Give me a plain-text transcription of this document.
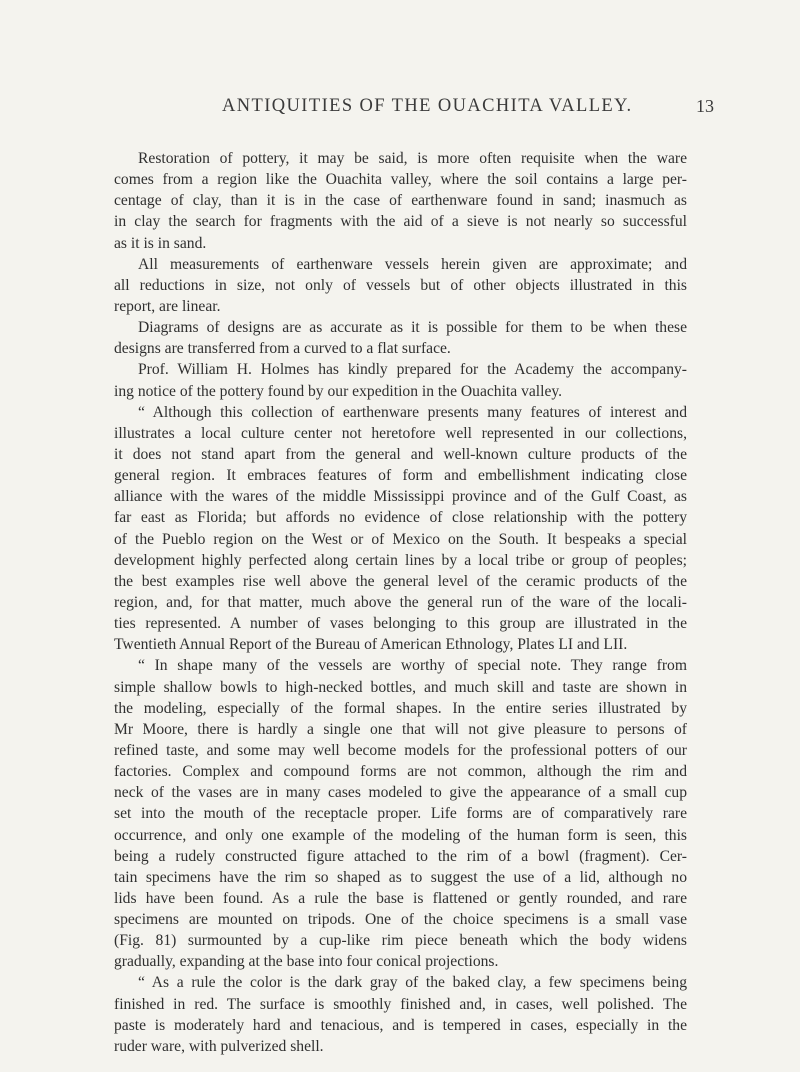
ANTIQUITIES OF THE OUACHITA VALLEY.	13
Restoration of pottery, it may be said, is more often requisite when the ware
comes from a region like the Ouachita valley, where the soil contains a large per-
centage of clay, than it is in the case of earthenware found in sand; inasmuch as
in clay the search for fragments with the aid of a sieve is not nearly so successful
as it is in sand.
All measurements of earthenware vessels herein given are approximate; and
all reductions in size, not only of vessels but of other objects illustrated in this
report, are linear.
Diagrams of designs are as accurate as it is possible for them to be when these
designs are transferred from a curved to a flat surface.
Prof. William H. Holmes has kindly prepared for the Academy the accompany-
ing notice of the pottery found by our expedition in the Ouachita valley.
“ Although this collection of earthenware presents many features of interest and
illustrates a local culture center not heretofore well represented in our collections,
it does not stand apart from the general and well-known culture products of the
general region. It embraces features of form and embellishment indicating close
alliance with the wares of the middle Mississippi province and of the Gulf Coast, as
far east as Florida; but affords no evidence of close relationship with the pottery
of the Pueblo region on the West or of Mexico on the South. It bespeaks a special
development highly perfected along certain lines by a local tribe or group of peoples;
the best examples rise well above the general level of the ceramic products of the
region, and, for that matter, much above the general run of the ware of the locali-
ties represented. A number of vases belonging to this group are illustrated in the
Twentieth Annual Report of the Bureau of American Ethnology, Plates LI and LII.
“ In shape many of the vessels are worthy of special note. They range from
simple shallow bowls to high-necked bottles, and much skill and taste are shown in
the modeling, especially of the formal shapes. In the entire series illustrated by
Mr Moore, there is hardly a single one that will not give pleasure to persons of
refined taste, and some may well become models for the professional potters of our
factories. Complex and compound forms are not common, although the rim and
neck of the vases are in many cases modeled to give the appearance of a small cup
set into the mouth of the receptacle proper. Life forms are of comparatively rare
occurrence, and only one example of the modeling of the human form is seen, this
being a rudely constructed figure attached to the rim of a bowl (fragment). Cer-
tain specimens have the rim so shaped as to suggest the use of a lid, although no
lids have been found. As a rule the base is flattened or gently rounded, and rare
specimens are mounted on tripods. One of the choice specimens is a small vase
(Fig. 81) surmounted by a cup-like rim piece beneath which the body widens
gradually, expanding at the base into four conical projections.
“ As a rule the color is the dark gray of the baked clay, a few specimens being
finished in red. The surface is smoothly finished and, in cases, well polished. The
paste is moderately hard and tenacious, and is tempered in cases, especially in the
ruder ware, with pulverized shell.
